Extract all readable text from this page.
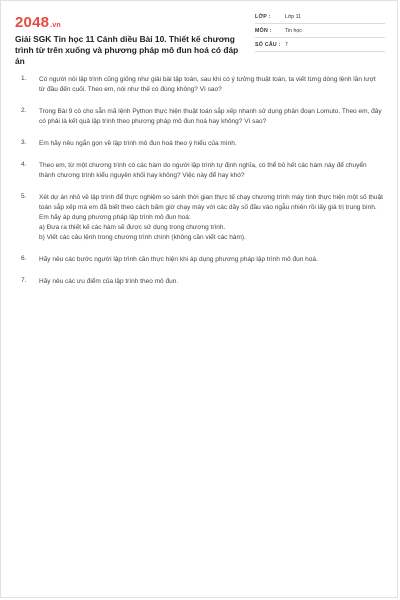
2048.vn
Giải SGK Tin học 11 Cánh diều Bài 10. Thiết kế chương trình từ trên xuống và phương pháp mô đun hoá có đáp án
LỚP :	Lớp 11
MÔN :	Tin học
SỐ CÂU : 7
1. Có người nói lập trình cũng giống như giải bài tập toán, sau khi có ý tưởng thuật toán, ta viết từng dòng lệnh lần lượt từ đầu đến cuối. Theo em, nói như thế có đúng không? Vì sao?
2. Trong Bài 9 có cho sẵn mã lệnh Python thực hiện thuật toán sắp xếp nhanh sử dụng phân đoạn Lomuto. Theo em, đây có phải là kết quả lập trình theo phương pháp mô đun hoá hay không? Vì sao?
3. Em hãy nêu ngắn gọn về lập trình mô đun hoá theo ý hiểu của mình.
4. Theo em, từ một chương trình có các hàm do người lập trình tự định nghĩa, có thể bỏ hết các hàm này để chuyển thành chương trình kiểu nguyên khối hay không? Việc này để hay khó?
5. Xét dự án nhỏ về lập trình để thực nghiệm so sánh thời gian thực tế chạy chương trình máy tính thực hiện một số thuật toán sắp xếp mà em đã biết theo cách bấm giờ chạy máy với các dãy số đầu vào ngẫu nhiên rồi lấy giá trị trung bình. Em hãy áp dụng phương pháp lập trình mô đun hoá:
a) Đưa ra thiết kế các hàm sẽ được sử dụng trong chương trình.
b) Viết các câu lệnh trong chương trình chính (không cần viết các hàm).
6. Hãy nêu các bước người lập trình cần thực hiện khi áp dụng phương pháp lập trình mô đun hoá.
7. Hãy nêu các ưu điểm của lập trình theo mô đun.
